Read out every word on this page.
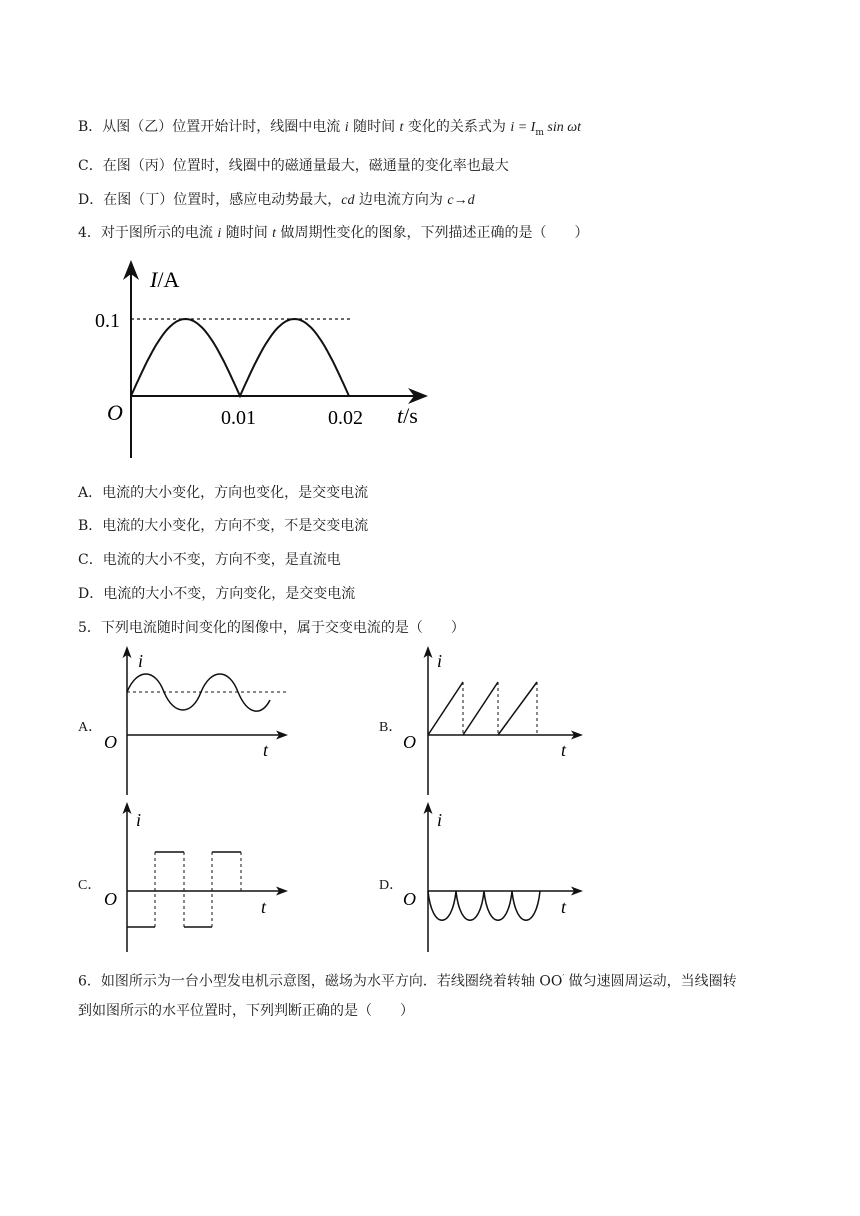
B．从图（乙）位置开始计时，线圈中电流 i 随时间 t 变化的关系式为 $i = I_m$ sin ωt
C．在图（丙）位置时，线圈中的磁通量最大，磁通量的变化率也最大
D．在图（丁）位置时，感应电动势最大，cd 边电流方向为 c→d
4．对于图所示的电流 i 随时间 t 做周期性变化的图象，下列描述正确的是（　　）
I/A
0.1
O	0.01	0.02 t/s
A．电流的大小变化，方向也变化，是交变电流
B．电流的大小变化，方向不变，不是交变电流
C．电流的大小不变，方向不变，是直流电
D．电流的大小不变，方向变化，是交变电流
5．下列电流随时间变化的图像中，属于交变电流的是（　　）
A．	B．
C．	D．
i
O	t
i
O	t
i
O	t
i
O	t
6．如图所示为一台小型发电机示意图，磁场为水平方向．若线圈绕着转轴 OO′ 做匀速圆周运动，当线圈转
到如图所示的水平位置时，下列判断正确的是（　　）
